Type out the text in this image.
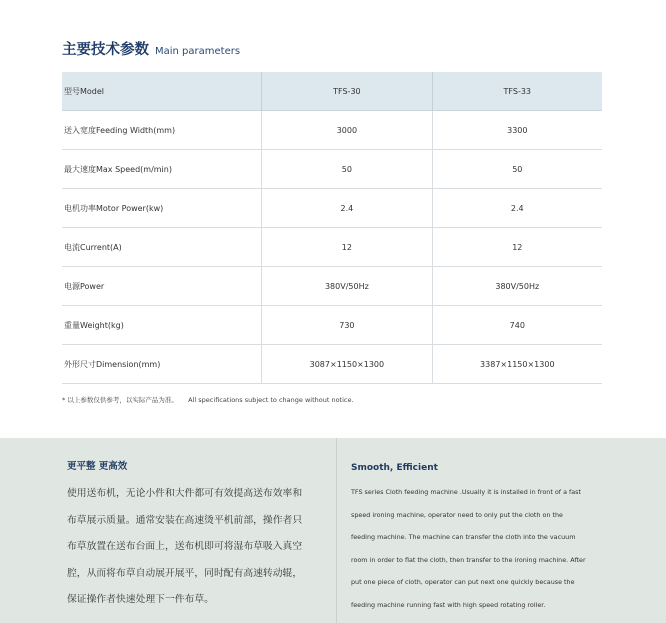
主要技术参数 Main parameters
型号Model	TFS-30	TFS-33
送入宽度Feeding Width(mm)	3000	3300
最大速度Max Speed(m/min)	50	50
电机功率Motor Power(kw)	2.4	2.4
电流Current(A)	12	12
电源Power	380V/50Hz	380V/50Hz
重量Weight(kg)	730	740
外形尺寸Dimension(mm)	3087×1150×1300	3387×1150×1300
* 以上参数仅供参考，以实际产品为准。 All specifications subject to change without notice.
更平整 更高效

使用送布机，无论小件和大件都可有效提高送布效率和

布草展示质量。通常安装在高速烫平机前部，操作者只

布草放置在送布台面上，送布机即可将湿布草吸入真空

腔，从而将布草自动展开展平，同时配有高速转动辊，

保证操作者快速处理下一件布草。

Smooth, Efficient

TFS series Cloth feeding machine .Usually it is installed in front of a fast

speed ironing machine, operator need to only put the cloth on the

feeding machine. The machine can transfer the cloth into the vacuum

room in order to flat the cloth, then transfer to the ironing machine. After

put one piece of cloth, operator can put next one quickly because the

feeding machine running fast with high speed rotating roller.
